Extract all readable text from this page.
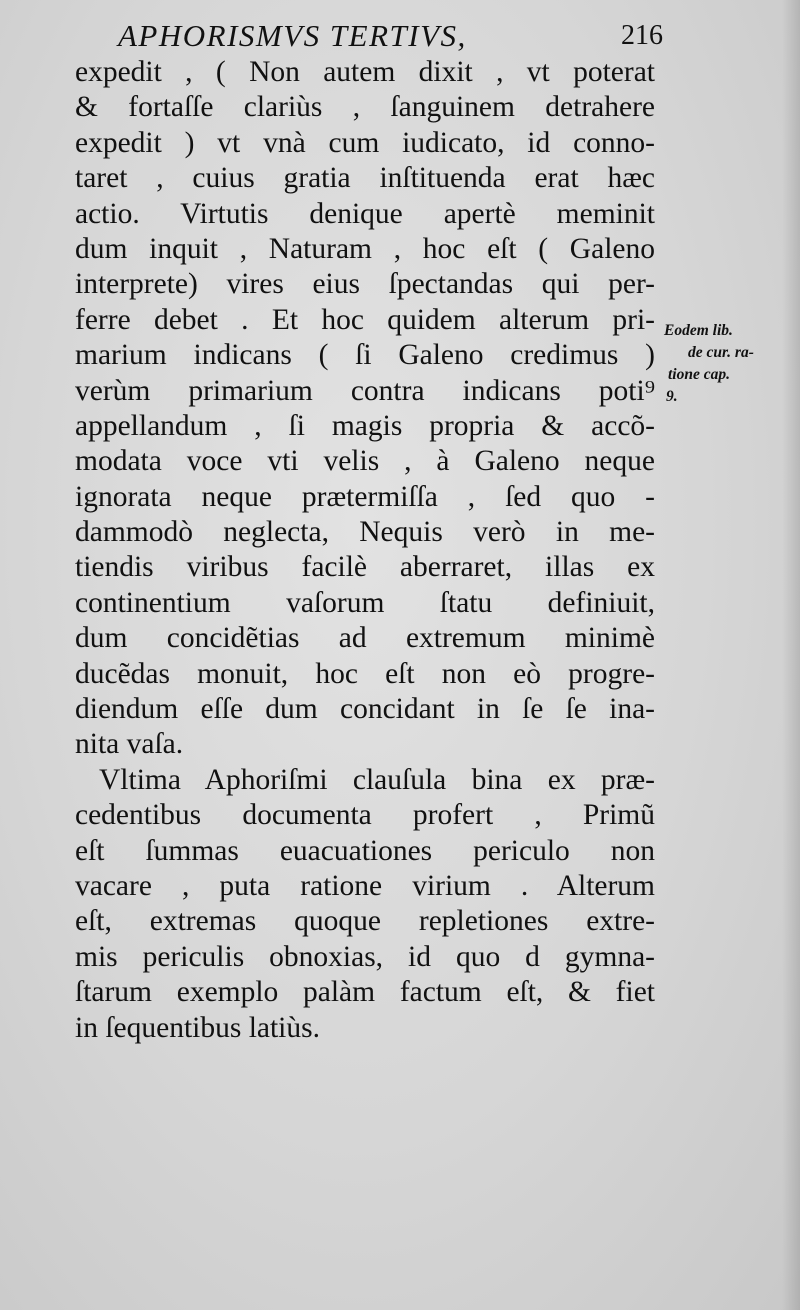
APHORISMVS TERTIVS,	216
expedit , ( Non autem dixit , vt poterat
& fortaſſe clariùs , ſanguinem detrahere
expedit ) vt vnà cum iudicato, id conno-
taret , cuius gratia inſtituenda erat hæc
actio. Virtutis denique apertè meminit
dum inquit , Naturam , hoc eſt ( Galeno
interprete) vires eius ſpectandas qui per-
ferre debet . Et hoc quidem alterum pri-
marium indicans ( ſi Galeno credimus )
verùm primarium contra indicans poti⁹
appellandum , ſi magis propria & accõ-
modata voce vti velis , à Galeno neque
ignorata neque prætermiſſa , ſed quo -
dammodò neglecta, Nequis verò in me-
tiendis viribus facilè aberraret, illas ex
continentium vaſorum ſtatu definiuit,
dum concidẽtias ad extremum minimè
ducẽdas monuit, hoc eſt non eò progre-
diendum eſſe dum concidant in ſe ſe ina-
nita vaſa.
Vltima Aphoriſmi clauſula bina ex præ-
cedentibus documenta profert , Primũ
eſt ſummas euacuationes periculo non
vacare , puta ratione virium . Alterum
eſt, extremas quoque repletiones extre-
mis periculis obnoxias, id quo d gymna-
ſtarum exemplo palàm factum eſt, & fiet
in ſequentibus latiùs.
Eodem lib.
de cur. ra-
tione cap.
9.
